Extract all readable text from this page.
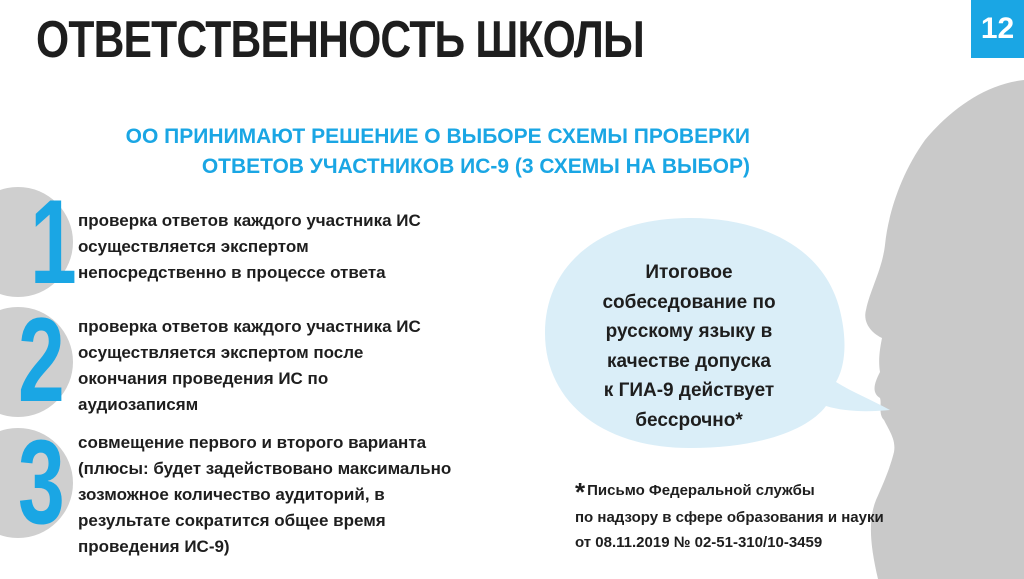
12
ОТВЕТСТВЕННОСТЬ ШКОЛЫ
ОО ПРИНИМАЮТ РЕШЕНИЕ О ВЫБОРЕ СХЕМЫ ПРОВЕРКИ
ОТВЕТОВ УЧАСТНИКОВ ИС-9 (3 СХЕМЫ НА ВЫБОР)
1 проверка ответов каждого участника ИС
осуществляется экспертом
непосредственно в процессе ответа
2 проверка ответов каждого участника ИС
осуществляется экспертом после
окончания проведения ИС по
аудиозаписям
3 совмещение первого и второго варианта
(плюсы: будет задействовано максимально
зозможное количество аудиторий, в
результате сократится общее время
проведения ИС-9)
Итоговое
собеседование по
русскому языку в
качестве допуска
к ГИА-9 действует
бессрочно*
* Письмо Федеральной службы
по надзору в сфере образования и науки
от 08.11.2019 № 02-51-310/10-3459
